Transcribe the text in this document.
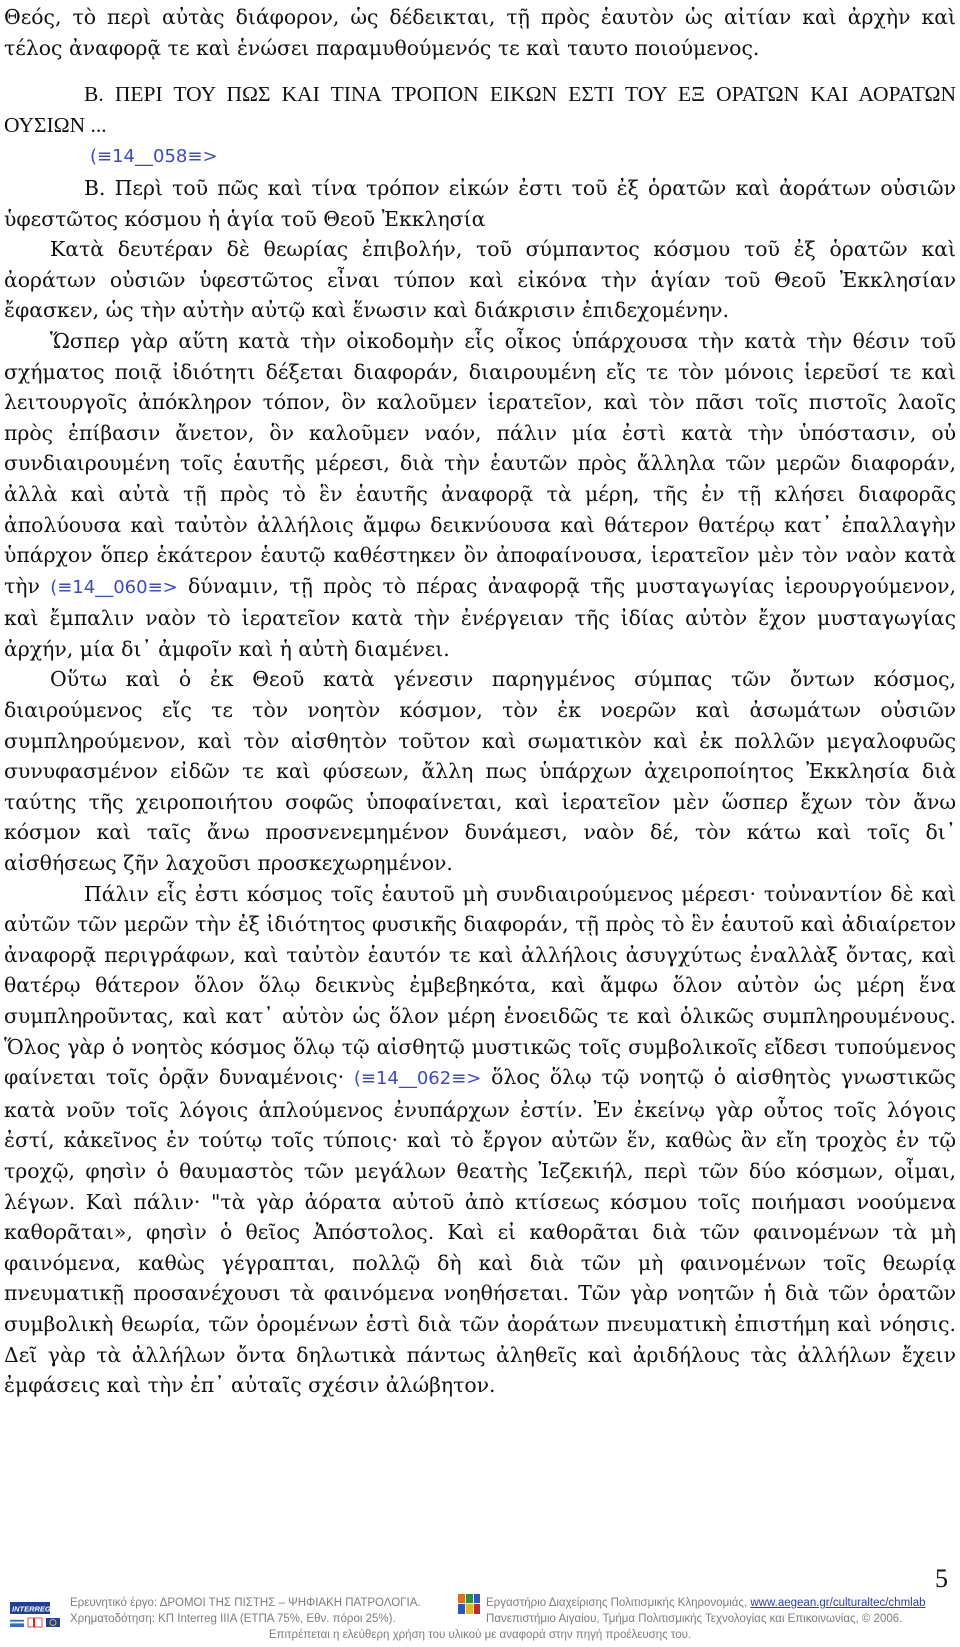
Θεός, τὸ περὶ αὐτὰς διάφορον, ὡς δέδεικται, τῇ πρὸς ἑαυτὸν ὡς αἰτίαν καὶ ἀρχὴν καὶ τέλος ἀναφορᾷ τε καὶ ἑνώσει παραμυθούμενός τε καὶ ταυτο ποιούμενος.

Β. ΠΕΡΙ ΤΟΥ ΠΩΣ ΚΑΙ ΤΙΝΑ ΤΡΟΠΟΝ ΕΙΚΩΝ ΕΣΤΙ ΤΟΥ ΕΞ ΟΡΑΤΩΝ ΚΑΙ ΑΟΡΑΤΩΝ ΟΥΣΙΩΝ ...

(≡14__058≡>

Β. Περὶ τοῦ πῶς καὶ τίνα τρόπον εἰκών ἐστι τοῦ ἐξ ὁρατῶν καὶ ἀοράτων οὐσιῶν ὑφεστῶτος κόσμου ἡ ἁγία τοῦ Θεοῦ Ἐκκλησία

Κατὰ δευτέραν δὲ θεωρίας ἐπιβολήν, τοῦ σύμπαντος κόσμου τοῦ ἐξ ὁρατῶν καὶ ἀοράτων οὐσιῶν ὑφεστῶτος εἶναι τύπον καὶ εἰκόνα τὴν ἁγίαν τοῦ Θεοῦ Ἐκκλησίαν ἔφασκεν, ὡς τὴν αὐτὴν αὐτῷ καὶ ἕνωσιν καὶ διάκρισιν ἐπιδεχομένην.

Ὥσπερ γὰρ αὕτη κατὰ τὴν οἰκοδομὴν εἷς οἶκος ὑπάρχουσα τὴν κατὰ τὴν θέσιν τοῦ σχήματος ποιᾷ ἰδιότητι δέξεται διαφοράν, διαιρουμένη εἴς τε τὸν μόνοις ἱερεῦσί τε καὶ λειτουργοῖς ἀπόκληρον τόπον, ὃν καλοῦμεν ἱερατεῖον, καὶ τὸν πᾶσι τοῖς πιστοῖς λαοῖς πρὸς ἐπίβασιν ἄνετον, ὃν καλοῦμεν ναόν, πάλιν μία ἐστὶ κατὰ τὴν ὑπόστασιν, οὐ συνδιαιρουμένη τοῖς ἑαυτῆς μέρεσι, διὰ τὴν ἑαυτῶν πρὸς ἄλληλα τῶν μερῶν διαφοράν, ἀλλὰ καὶ αὐτὰ τῇ πρὸς τὸ ἓν ἑαυτῆς ἀναφορᾷ τὰ μέρη, τῆς ἐν τῇ κλήσει διαφορᾶς ἀπολύουσα καὶ ταὐτὸν ἀλλήλοις ἄμφω δεικνύουσα καὶ θάτερον θατέρῳ κατ᾽ ἐπαλλαγὴν ὑπάρχον ὅπερ ἑκάτερον ἑαυτῷ καθέστηκεν ὂν ἀποφαίνουσα, ἱερατεῖον μὲν τὸν ναὸν κατὰ τὴν (≡14__060≡> δύναμιν, τῇ πρὸς τὸ πέρας ἀναφορᾷ τῆς μυσταγωγίας ἱερουργούμενον, καὶ ἔμπαλιν ναὸν τὸ ἱερατεῖον κατὰ τὴν ἐνέργειαν τῆς ἰδίας αὐτὸν ἔχον μυσταγωγίας ἀρχήν, μία δι᾽ ἀμφοῖν καὶ ἡ αὐτὴ διαμένει.

Οὕτω καὶ ὁ ἐκ Θεοῦ κατὰ γένεσιν παρηγμένος σύμπας τῶν ὄντων κόσμος, διαιρούμενος εἴς τε τὸν νοητὸν κόσμον, τὸν ἐκ νοερῶν καὶ ἀσωμάτων οὐσιῶν συμπληρούμενον, καὶ τὸν αἰσθητὸν τοῦτον καὶ σωματικὸν καὶ ἐκ πολλῶν μεγαλοφυῶς συνυφασμένον εἰδῶν τε καὶ φύσεων, ἄλλη πως ὑπάρχων ἀχειροποίητος Ἐκκλησία διὰ ταύτης τῆς χειροποιήτου σοφῶς ὑποφαίνεται, καὶ ἱερατεῖον μὲν ὥσπερ ἔχων τὸν ἄνω κόσμον καὶ ταῖς ἄνω προσνενεμημένον δυνάμεσι, ναὸν δέ, τὸν κάτω καὶ τοῖς δι᾽ αἰσθήσεως ζῆν λαχοῦσι προσκεχωρημένον.

Πάλιν εἷς ἐστι κόσμος τοῖς ἑαυτοῦ μὴ συνδιαιρούμενος μέρεσι· τοὐναντίον δὲ καὶ αὐτῶν τῶν μερῶν τὴν ἐξ ἰδιότητος φυσικῆς διαφοράν, τῇ πρὸς τὸ ἓν ἑαυτοῦ καὶ ἀδιαίρετον ἀναφορᾷ περιγράφων, καὶ ταὐτὸν ἑαυτόν τε καὶ ἀλλήλοις ἀσυγχύτως ἐναλλὰξ ὄντας, καὶ θατέρῳ θάτερον ὅλον ὅλῳ δεικνὺς ἐμβεβηκότα, καὶ ἄμφω ὅλον αὐτὸν ὡς μέρη ἕνα συμπληροῦντας, καὶ κατ᾽ αὐτὸν ὡς ὅλον μέρη ἑνοειδῶς τε καὶ ὁλικῶς συμπληρουμένους. Ὅλος γὰρ ὁ νοητὸς κόσμος ὅλῳ τῷ αἰσθητῷ μυστικῶς τοῖς συμβολικοῖς εἴδεσι τυπούμενος φαίνεται τοῖς ὁρᾷν δυναμένοις· (≡14__062≡> ὅλος ὅλῳ τῷ νοητῷ ὁ αἰσθητὸς γνωστικῶς κατὰ νοῦν τοῖς λόγοις ἁπλούμενος ἐνυπάρχων ἐστίν. Ἐν ἐκείνῳ γὰρ οὗτος τοῖς λόγοις ἐστί, κἀκεῖνος ἐν τούτῳ τοῖς τύποις· καὶ τὸ ἔργον αὐτῶν ἕν, καθὼς ἂν εἴη τροχὸς ἐν τῷ τροχῷ, φησὶν ὁ θαυμαστὸς τῶν μεγάλων θεατὴς Ἰεζεκιήλ, περὶ τῶν δύο κόσμων, οἶμαι, λέγων. Καὶ πάλιν· "τὰ γὰρ ἀόρατα αὐτοῦ ἀπὸ κτίσεως κόσμου τοῖς ποιήμασι νοούμενα καθορᾶται», φησὶν ὁ θεῖος Ἀπόστολος. Καὶ εἰ καθορᾶται διὰ τῶν φαινομένων τὰ μὴ φαινόμενα, καθὼς γέγραπται, πολλῷ δὴ καὶ διὰ τῶν μὴ φαινομένων τοῖς θεωρίᾳ πνευματικῇ προσανέχουσι τὰ φαινόμενα νοηθήσεται. Τῶν γὰρ νοητῶν ἡ διὰ τῶν ὁρατῶν συμβολικὴ θεωρία, τῶν ὁρομένων ἐστὶ διὰ τῶν ἀοράτων πνευματικὴ ἐπιστήμη καὶ νόησις. Δεῖ γὰρ τὰ ἀλλήλων ὄντα δηλωτικὰ πάντως ἀληθεῖς καὶ ἀριδήλους τὰς ἀλλήλων ἔχειν ἐμφάσεις καὶ τὴν ἐπ᾽ αὐταῖς σχέσιν ἀλώβητον.

5
INTERREG III Ερευνητικό έργο: ΔΡΟΜΟΙ ΤΗΣ ΠΙΣΤΗΣ – ΨΗΦΙΑΚΗ ΠΑΤΡΟΛΟΓΙΑ.
Χρηματοδότηση: ΚΠ Interreg IIIA (ΕΤΠΑ 75%, Εθν. πόροι 25%).
Εργαστήριο Διαχείρισης Πολιτισμικής Κληρονομιάς, www.aegean.gr/culturaltec/chmlab
Πανεπιστήμιο Αιγαίου, Τμήμα Πολιτισμικής Τεχνολογίας και Επικοινωνίας, © 2006.
Επιτρέπεται η ελεύθερη χρήση του υλικού με αναφορά στην πηγή προέλευσης του.
